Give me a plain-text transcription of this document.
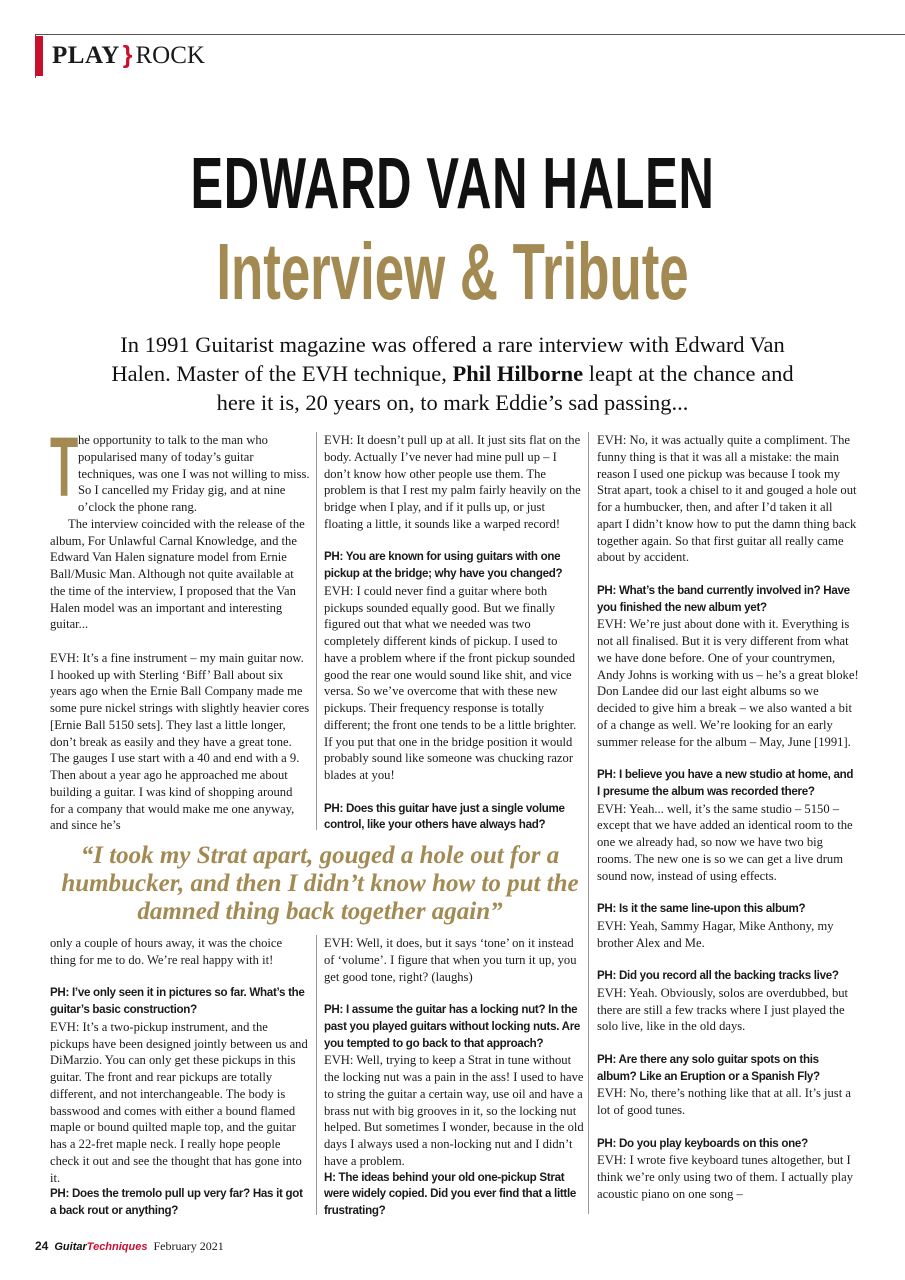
PLAY } ROCK
EDWARD VAN HALEN
Interview & Tribute
In 1991 Guitarist magazine was offered a rare interview with Edward Van Halen. Master of the EVH technique, Phil Hilborne leapt at the chance and here it is, 20 years on, to mark Eddie’s sad passing...

The opportunity to talk to the man who popularised many of today’s guitar techniques, was one I was not willing to miss. So I cancelled my Friday gig, and at nine o’clock the phone rang.

The interview coincided with the release of the album, For Unlawful Carnal Knowledge, and the Edward Van Halen signature model from Ernie Ball/Music Man. Although not quite available at the time of the interview, I proposed that the Van Halen model was an important and interesting guitar...

EVH: It’s a fine instrument – my main guitar now. I hooked up with Sterling ‘Biff’ Ball about six years ago when the Ernie Ball Company made me some pure nickel strings with slightly heavier cores [Ernie Ball 5150 sets]. They last a little longer, don’t break as easily and they have a great tone. The gauges I use start with a 40 and end with a 9. Then about a year ago he approached me about building a guitar. I was kind of shopping around for a company that would make me one anyway, and since he’s

EVH: It doesn’t pull up at all. It just sits flat on the body. Actually I’ve never had mine pull up – I don’t know how other people use them. The problem is that I rest my palm fairly heavily on the bridge when I play, and if it pulls up, or just floating a little, it sounds like a warped record!

PH: You are known for using guitars with one pickup at the bridge; why have you changed?

EVH: I could never find a guitar where both pickups sounded equally good. But we finally figured out that what we needed was two completely different kinds of pickup. I used to have a problem where if the front pickup sounded good the rear one would sound like shit, and vice versa. So we’ve overcome that with these new pickups. Their frequency response is totally different; the front one tends to be a little brighter. If you put that one in the bridge position it would probably sound like someone was chucking razor blades at you!

PH: Does this guitar have just a single volume control, like your others have always had?

“I took my Strat apart, gouged a hole out for a humbucker, and then I didn’t know how to put the damned thing back together again”

only a couple of hours away, it was the choice thing for me to do. We’re real happy with it!

PH: I’ve only seen it in pictures so far. What’s the guitar’s basic construction?

EVH: It’s a two-pickup instrument, and the pickups have been designed jointly between us and DiMarzio. You can only get these pickups in this guitar. The front and rear pickups are totally different, and not interchangeable. The body is basswood and comes with either a bound flamed maple or bound quilted maple top, and the guitar has a 22-fret maple neck. I really hope people check it out and see the thought that has gone into it.

PH: Does the tremolo pull up very far? Has it got a back rout or anything?

EVH: Well, it does, but it says ‘tone’ on it instead of ‘volume’. I figure that when you turn it up, you get good tone, right? (laughs)

PH: I assume the guitar has a locking nut? In the past you played guitars without locking nuts. Are you tempted to go back to that approach?

EVH: Well, trying to keep a Strat in tune without the locking nut was a pain in the ass! I used to have to string the guitar a certain way, use oil and have a brass nut with big grooves in it, so the locking nut helped. But sometimes I wonder, because in the old days I always used a non-locking nut and I didn’t have a problem.

H: The ideas behind your old one-pickup Strat were widely copied. Did you ever find that a little frustrating?

EVH: No, it was actually quite a compliment. The funny thing is that it was all a mistake: the main reason I used one pickup was because I took my Strat apart, took a chisel to it and gouged a hole out for a humbucker, then, and after I’d taken it all apart I didn’t know how to put the damn thing back together again. So that first guitar all really came about by accident.

PH: What’s the band currently involved in? Have you finished the new album yet?

EVH: We’re just about done with it. Everything is not all finalised. But it is very different from what we have done before. One of your countrymen, Andy Johns is working with us – he’s a great bloke! Don Landee did our last eight albums so we decided to give him a break – we also wanted a bit of a change as well. We’re looking for an early summer release for the album – May, June [1991].

PH: I believe you have a new studio at home, and I presume the album was recorded there?

EVH: Yeah... well, it’s the same studio – 5150 – except that we have added an identical room to the one we already had, so now we have two big rooms. The new one is so we can get a live drum sound now, instead of using effects.

PH: Is it the same line-upon this album?

EVH: Yeah, Sammy Hagar, Mike Anthony, my brother Alex and Me.

PH: Did you record all the backing tracks live?

EVH: Yeah. Obviously, solos are overdubbed, but there are still a few tracks where I just played the solo live, like in the old days.

PH: Are there any solo guitar spots on this album? Like an Eruption or a Spanish Fly?

EVH: No, there’s nothing like that at all. It’s just a lot of good tunes.

PH: Do you play keyboards on this one?

EVH: I wrote five keyboard tunes altogether, but I think we’re only using two of them. I actually play acoustic piano on one song –

24 GuitarTechniques February 2021
